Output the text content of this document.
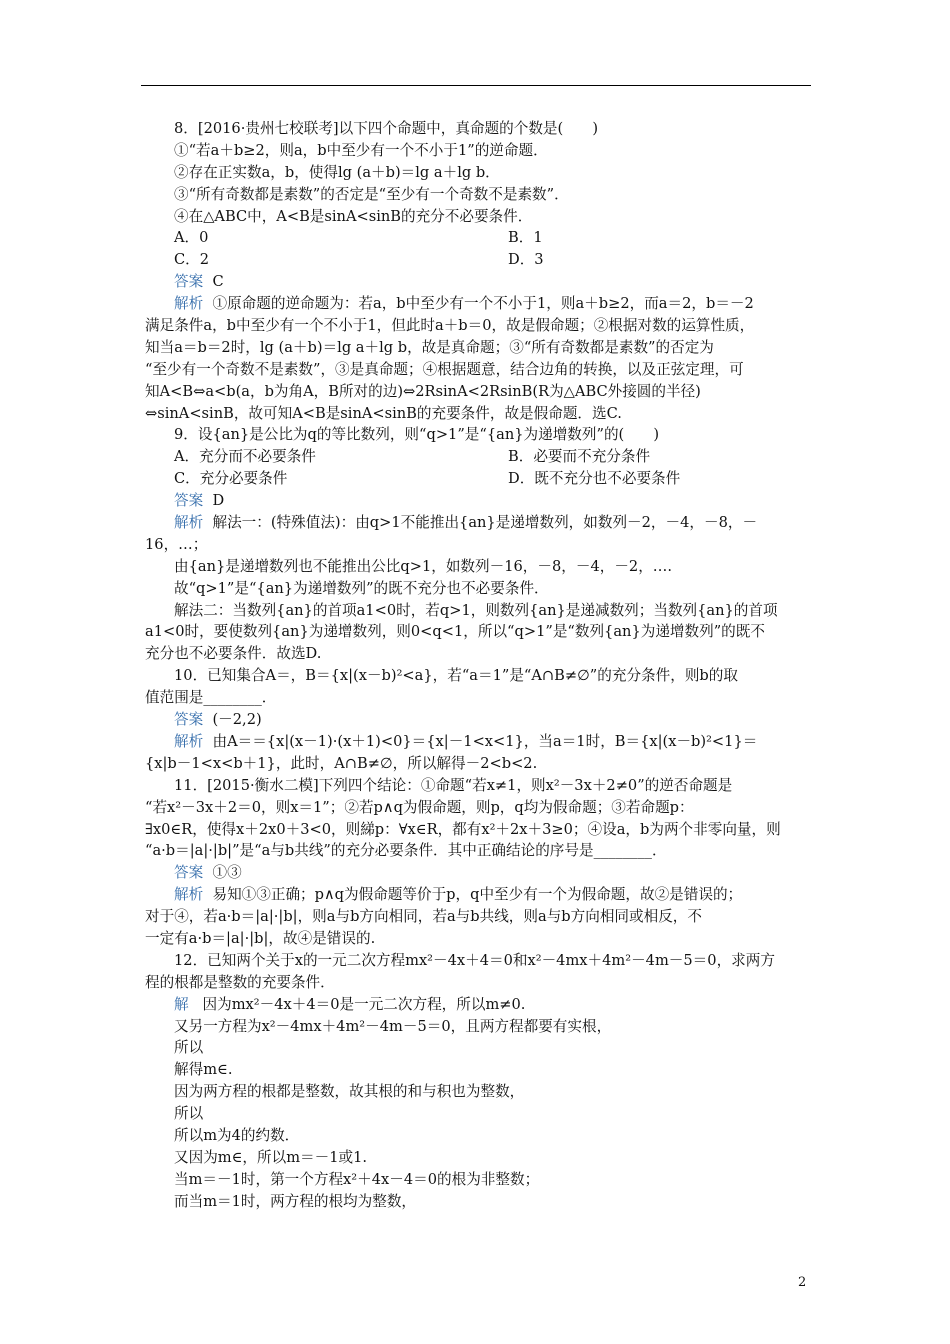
8．[2016·贵州七校联考]以下四个命题中，真命题的个数是(　　)
①“若a＋b≥2，则a，b中至少有一个不小于1”的逆命题．
②存在正实数a，b，使得lg (a＋b)＝lg a＋lg b．
③“所有奇数都是素数”的否定是“至少有一个奇数不是素数”．
④在△ABC中，A<B是sinA<sinB的充分不必要条件．
A．0	B．1
C．2	D．3
答案 C
解析 ①原命题的逆命题为：若a，b中至少有一个不小于1，则a＋b≥2，而a＝2，b＝－2
满足条件a，b中至少有一个不小于1，但此时a＋b＝0，故是假命题；②根据对数的运算性质，
知当a＝b＝2时，lg (a＋b)＝lg a＋lg b，故是真命题；③“所有奇数都是素数”的否定为
“至少有一个奇数不是素数”，③是真命题；④根据题意，结合边角的转换，以及正弦定理，可
知A<B⇔a<b(a，b为角A，B所对的边)⇔2RsinA<2RsinB(R为△ABC外接圆的半径)
⇔sinA<sinB，故可知A<B是sinA<sinB的充要条件，故是假命题．选C.
9．设{an}是公比为q的等比数列，则“q>1”是“{an}为递增数列”的(　　)
A．充分而不必要条件	B．必要而不充分条件
C．充分必要条件	D．既不充分也不必要条件
答案 D
解析 解法一：(特殊值法)：由q>1不能推出{an}是递增数列，如数列－2，－4，－8，－
16，…；
由{an}是递增数列也不能推出公比q>1，如数列－16，－8，－4，－2，….
故“q>1”是“{an}为递增数列”的既不充分也不必要条件．
解法二：当数列{an}的首项a1<0时，若q>1，则数列{an}是递减数列；当数列{an}的首项
a1<0时，要使数列{an}为递增数列，则0<q<1，所以“q>1”是“数列{an}为递增数列”的既不
充分也不必要条件．故选D.
10．已知集合A＝，B＝{x|(x－b)²<a}，若“a＝1”是“A∩B≠∅”的充分条件，则b的取
值范围是________．
答案 (－2,2)
解析 由A＝＝{x|(x－1)·(x＋1)<0}＝{x|－1<x<1}，当a＝1时，B＝{x|(x－b)²<1}＝
{x|b－1<x<b＋1}，此时，A∩B≠∅，所以解得－2<b<2.
11．[2015·衡水二模]下列四个结论：①命题“若x≠1，则x²－3x＋2≠0”的逆否命题是
“若x²－3x＋2＝0，则x＝1”；②若p∧q为假命题，则p，q均为假命题；③若命题p：
∃x0∈R，使得x＋2x0＋3<0，则綈p：∀x∈R，都有x²＋2x＋3≥0；④设a，b为两个非零向量，则
“a·b＝|a|·|b|”是“a与b共线”的充分必要条件．其中正确结论的序号是________．
答案 ①③
解析 易知①③正确；p∧q为假命题等价于p，q中至少有一个为假命题，故②是错误的；
对于④，若a·b＝|a|·|b|，则a与b方向相同，若a与b共线，则a与b方向相同或相反，不
一定有a·b＝|a|·|b|，故④是错误的.
12．已知两个关于x的一元二次方程mx²－4x＋4＝0和x²－4mx＋4m²－4m－5＝0，求两方
程的根都是整数的充要条件．
解 因为mx²－4x＋4＝0是一元二次方程，所以m≠0.
又另一方程为x²－4mx＋4m²－4m－5＝0，且两方程都要有实根，
所以
解得m∈.
因为两方程的根都是整数，故其根的和与积也为整数，
所以
所以m为4的约数．
又因为m∈，所以m＝－1或1.
当m＝－1时，第一个方程x²＋4x－4＝0的根为非整数；
而当m＝1时，两方程的根均为整数，
2
